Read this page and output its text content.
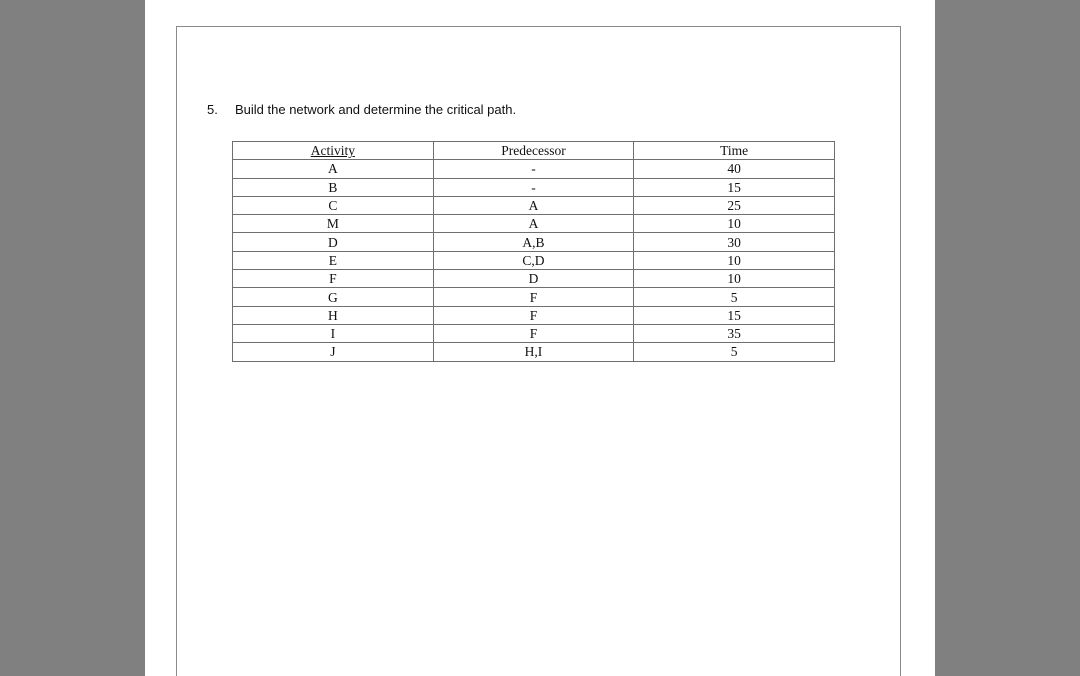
5. Build the network and determine the critical path.
Activity	Predecessor	Time
A	-	40
B	-	15
C	A	25
M	A	10
D	A,B	30
E	C,D	10
F	D	10
G	F	5
H	F	15
I	F	35
J	H,I	5
